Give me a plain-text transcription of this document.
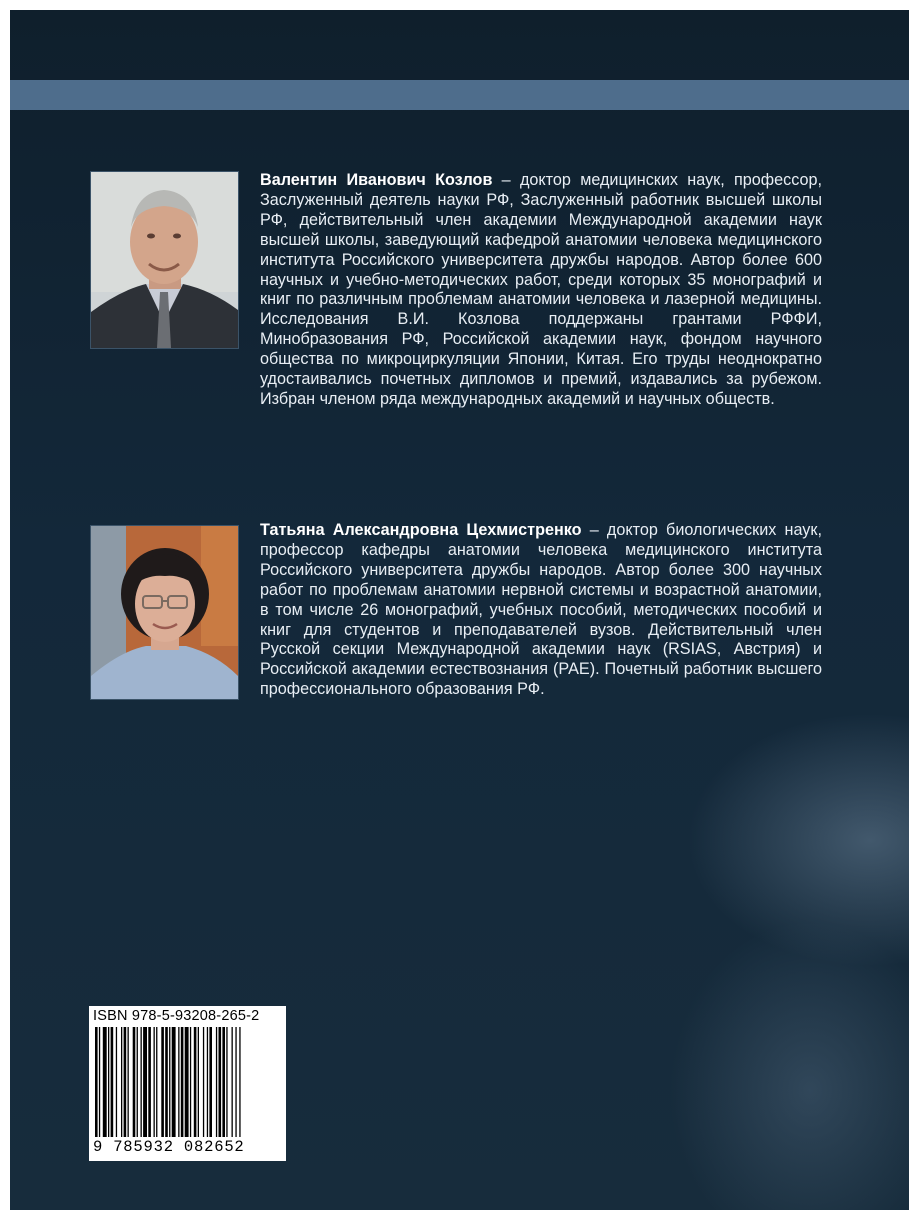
Валентин Иванович Козлов – доктор медицинских наук, профессор, Заслуженный деятель науки РФ, Заслуженный работник высшей школы РФ, действительный член академии Международной академии наук высшей школы, заведующий кафедрой анатомии человека медицинского института Российского университета дружбы народов. Автор более 600 научных и учебно-методических работ, среди которых 35 монографий и книг по различным проблемам анатомии человека и лазерной медицины. Исследования В.И. Козлова поддержаны грантами РФФИ, Минобразования РФ, Российской академии наук, фондом научного общества по микроциркуляции Японии, Китая. Его труды неоднократно удостаивались почетных дипломов и премий, издавались за рубежом. Избран членом ряда международных академий и научных обществ.
Татьяна Александровна Цехмистренко – доктор биологических наук, профессор кафедры анатомии человека медицинского института Российского университета дружбы народов. Автор более 300 научных работ по проблемам анатомии нервной системы и возрастной анатомии, в том числе 26 монографий, учебных пособий, методических пособий и книг для студентов и преподавателей вузов. Действительный член Русской секции Международной академии наук (RSIAS, Австрия) и Российской академии естествознания (РАЕ). Почетный работник высшего профессионального образования РФ.
ISBN 978-5-93208-265-2
9 785932 082652
